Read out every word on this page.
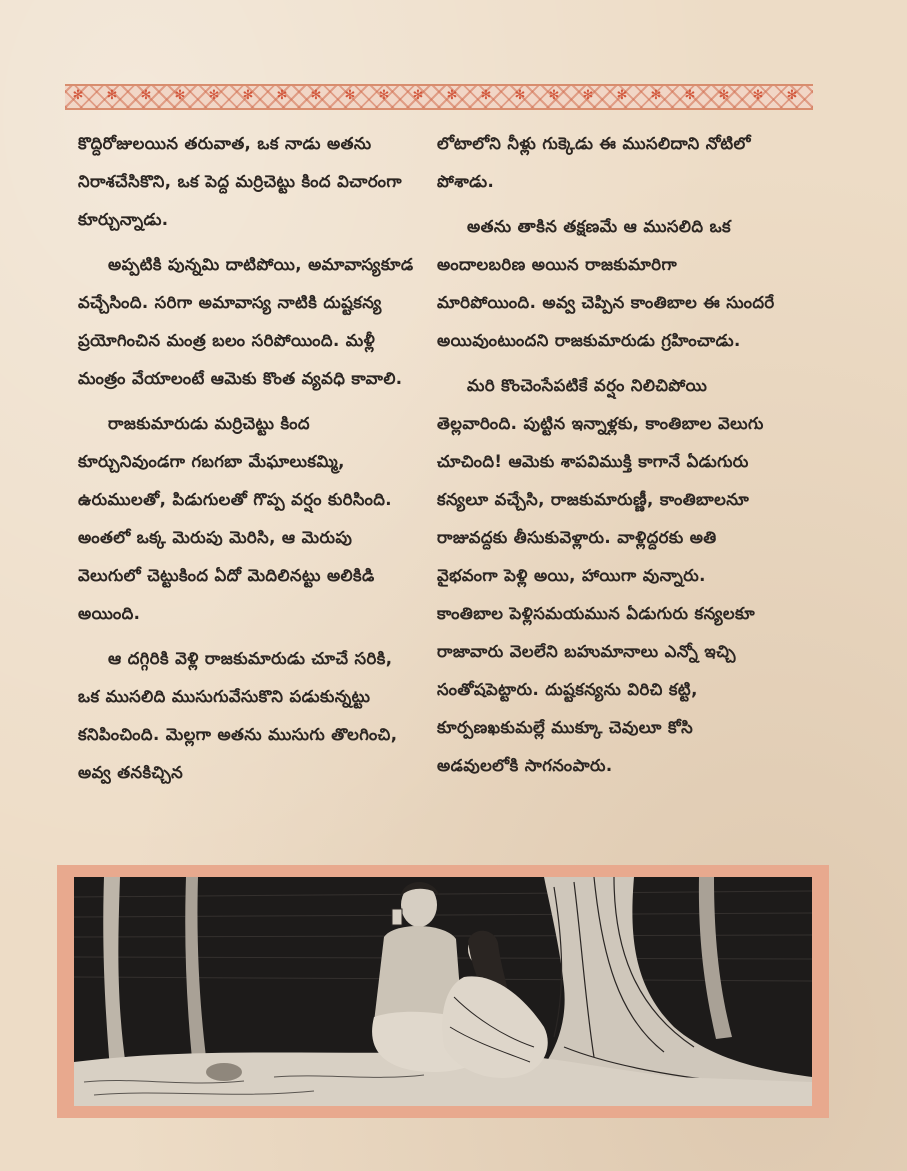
✻ ✻ ✻ ✻ ✻ ✻ ✻ ✻ ✻ ✻ ✻ ✻ ✻ ✻ ✻ ✻ ✻ ✻ ✻ ✻ ✻ ✻

కొద్దిరోజులయిన తరువాత, ఒక నాడు అతను నిరాశచేసికొని, ఒక పెద్ద మర్రిచెట్టు కింద విచారంగా కూర్చున్నాడు.

అప్పటికి పున్నమి దాటిపోయి, అమావాస్యకూడ వచ్చేసింది. సరిగా అమావాస్య నాటికి దుష్టకన్య ప్రయోగించిన మంత్ర బలం సరిపోయింది. మళ్లీ మంత్రం వేయాలంటే ఆమెకు కొంత వ్యవధి కావాలి.

రాజకుమారుడు మర్రిచెట్టు కింద కూర్చునివుండగా గబగబా మేఘాలుకమ్మి, ఉరుములతో, పిడుగులతో గొప్ప వర్షం కురిసింది. అంతలో ఒక్క మెరుపు మెరిసి, ఆ మెరుపు వెలుగులో చెట్టుకింద ఏదో మెదిలినట్టు అలికిడి అయింది.

ఆ దగ్గిరికి వెళ్లి రాజకుమారుడు చూచే సరికి, ఒక ముసలిది ముసుగువేసుకొని పడుకున్నట్టు కనిపించింది. మెల్లగా అతను ముసుగు తొలగించి, అవ్వ తనకిచ్చిన

లోటాలోని నీళ్లు గుక్కెడు ఈ ముసలిదాని నోటిలో పోశాడు.

అతను తాకిన తక్షణమే ఆ ముసలిది ఒక అందాలబరిణ అయిన రాజకుమారిగా మారిపోయింది. అవ్వ చెప్పిన కాంతిబాల ఈ సుందరే అయివుంటుందని రాజకుమారుడు గ్రహించాడు.

మరి కొంచెంసేపటికే వర్షం నిలిచిపోయి తెల్లవారింది. పుట్టిన ఇన్నాళ్లకు, కాంతిబాల వెలుగు చూచింది! ఆమెకు శాపవిముక్తి కాగానే ఏడుగురు కన్యలూ వచ్చేసి, రాజకుమారుణ్ణీ, కాంతిబాలనూ రాజువద్దకు తీసుకువెళ్లారు. వాళ్లిద్దరకు అతి వైభవంగా పెళ్లి అయి, హాయిగా వున్నారు. కాంతిబాల పెళ్లిసమయమున ఏడుగురు కన్యలకూ రాజావారు వెలలేని బహుమానాలు ఎన్నో ఇచ్చి సంతోషపెట్టారు. దుష్టకన్యను విరిచి కట్టి, కూర్పణఖకుమల్లే ముక్కూ చెవులూ కోసి అడవులలోకి సాగనంపారు.

CHITRA
